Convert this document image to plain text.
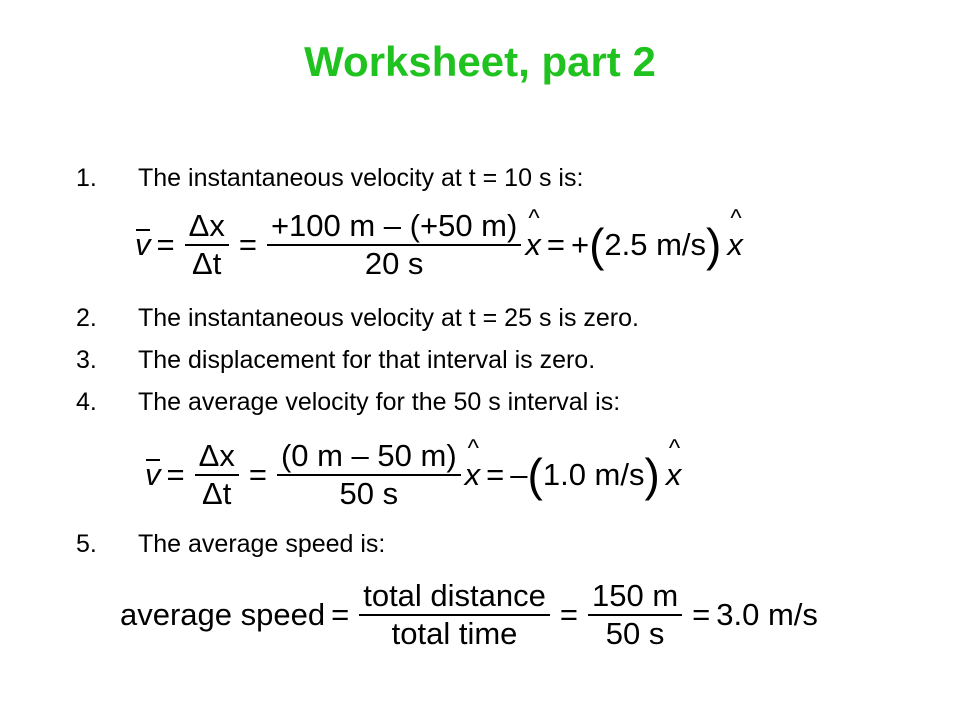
Worksheet, part 2
1. The instantaneous velocity at t = 10 s is:
$v = \frac{\Delta x}{\Delta t} = \frac{+100 m - (+50 m)}{20 s}$ ^ x = + ( 2.5 m/s ) ^ x
2. The instantaneous velocity at t = 25 s is zero.
3. The displacement for that interval is zero.
4. The average velocity for the 50 s interval is:
$v = \frac{\Delta x}{\Delta t} = \frac{(0 m - 50 m)}{50 s}$ ^ x = – ( 1.0 m/s ) ^ x
5. The average speed is:
average speed = $\frac{\text{total distance}}{\text{total time}} = \frac{150 m}{50 s} = 3.0$ m/s
